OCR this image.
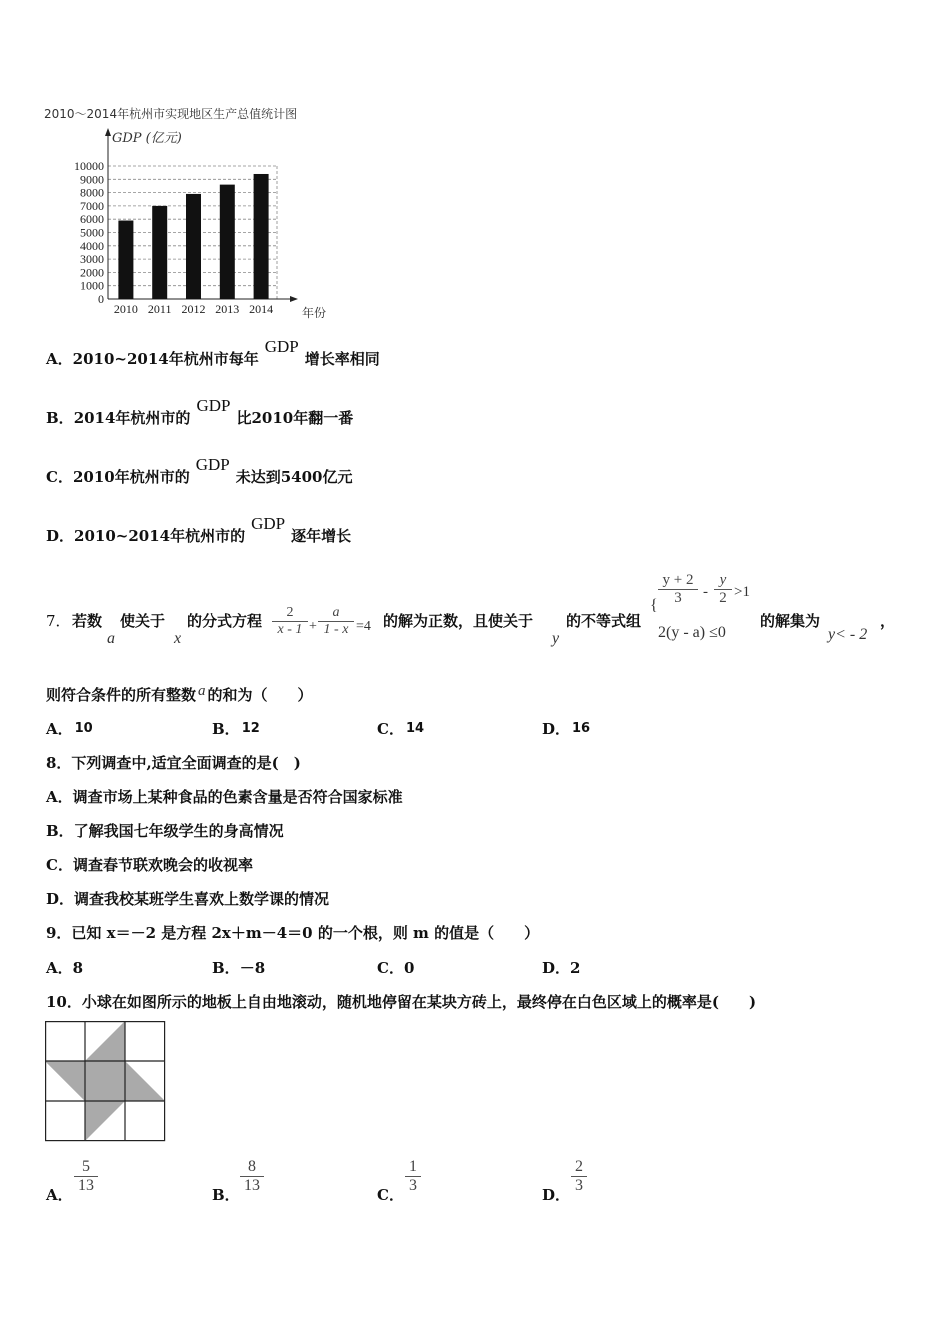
2010～2014年杭州市实现地区生产总值统计图
GDP (亿元)
10000
9000
8000
7000
6000
5000
4000
3000
2000
1000
0
2010 2011 2012 2013 2014 年份
A．2010~2014年杭州市每年GDP增长率相同
B．2014年杭州市的GDP比2010年翻一番
C．2010年杭州市的GDP未达到5400亿元
D．2010~2014年杭州市的GDP逐年增长
7． 若数
a
使关于
x
的分式方程	2
x - 1 +
a
1 - x =4 的解为正数，且使关于
y
的不等式组
{
y + 2
3	-
y
2 >1
2(y - a) ≤0
的解集为
y< - 2
，
则符合条件的所有整数 a 的和为（　　）
A． 10	B． 12	C． 14	D． 16
8．下列调查中,适宜全面调查的是(　)
A．调查市场上某种食品的色素含量是否符合国家标准
B．了解我国七年级学生的身高情况
C．调查春节联欢晚会的收视率
D．调查我校某班学生喜欢上数学课的情况
9．已知 x＝－2 是方程 2x＋m－4＝0 的一个根，则 m 的值是（　　）
A．8	B．－8	C．0	D．2
10．小球在如图所示的地板上自由地滚动，随机地停留在某块方砖上，最终停在白色区域上的概率是(　　)
A．
5
13
B．
8
13
C．
1
3
D．
2
3
